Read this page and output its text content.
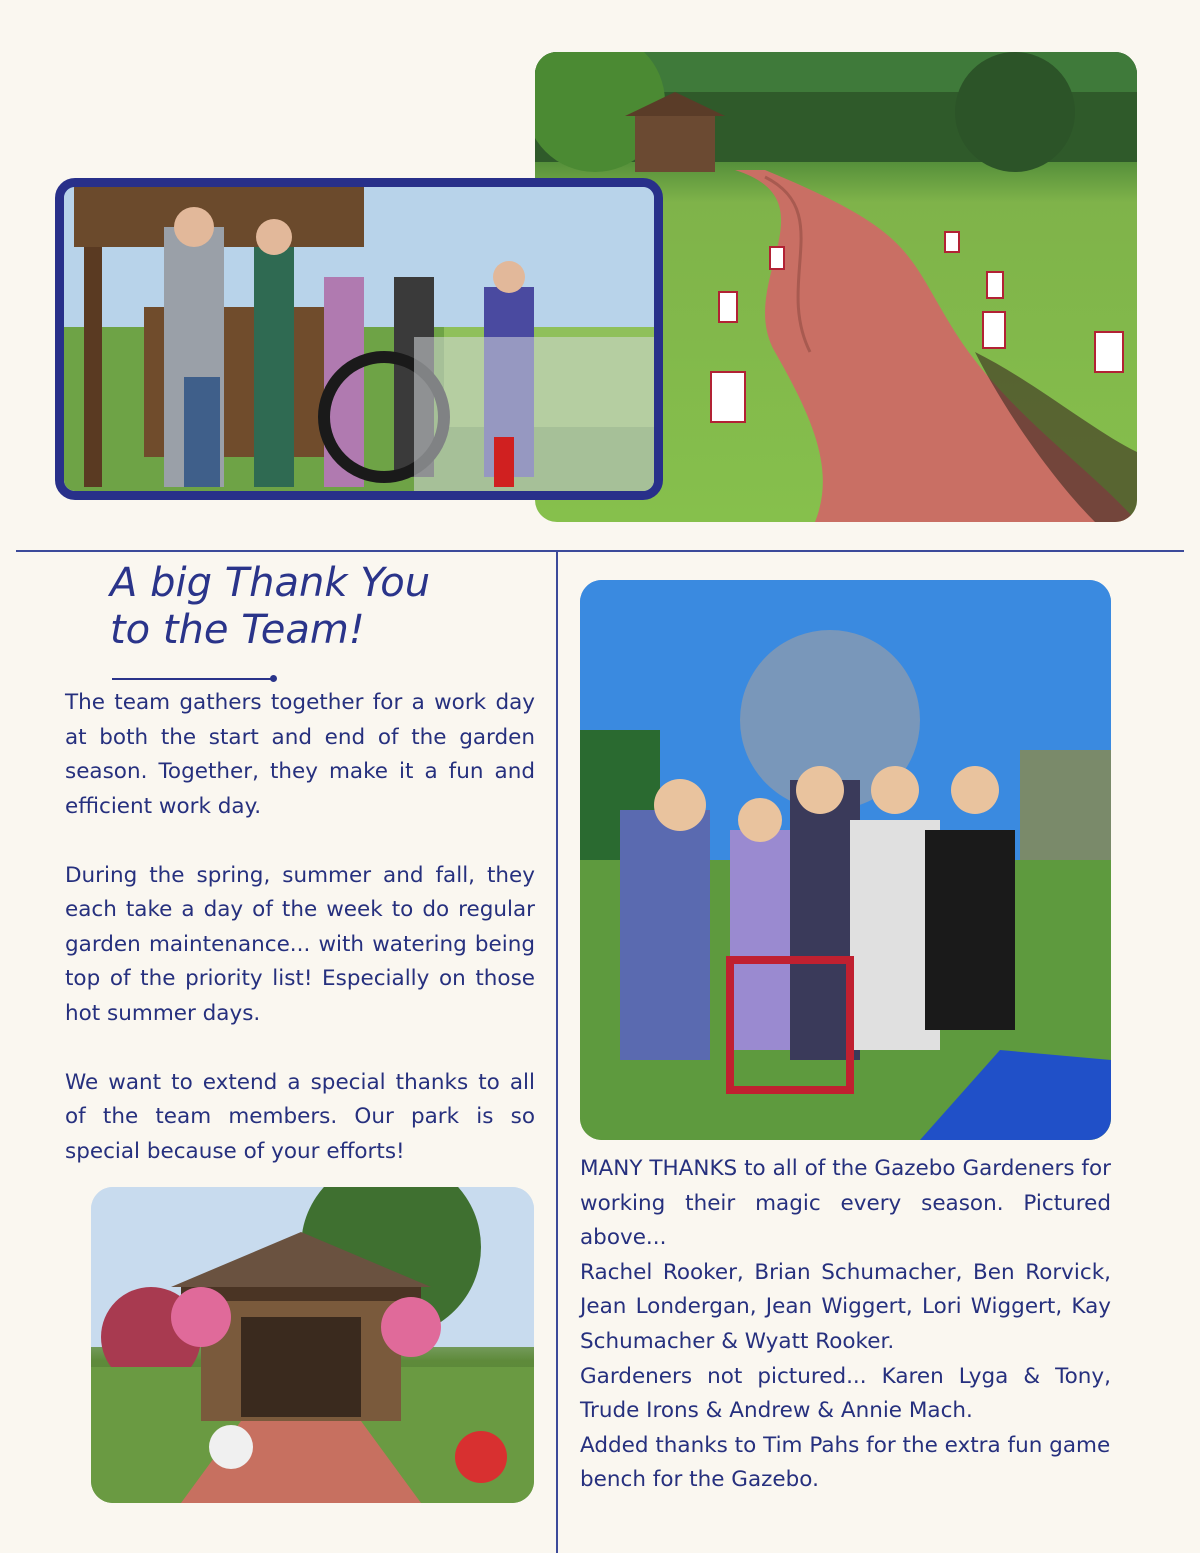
A big Thank You
to the Team!

The team gathers together for a work day at both the start and end of the garden season. Together, they make it a fun and efficient work day.

During the spring, summer and fall, they each take a day of the week to do regular garden maintenance... with watering being top of the priority list! Especially on those hot summer days.

We want to extend a special thanks to all of the team members. Our park is so special because of your efforts!

MANY THANKS to all of the Gazebo Gardeners for working their magic every season. Pictured above...

Rachel Rooker, Brian Schumacher, Ben Rorvick, Jean Londergan, Jean Wiggert, Lori Wiggert, Kay Schumacher & Wyatt Rooker.

Gardeners not pictured... Karen Lyga & Tony, Trude Irons & Andrew & Annie Mach.

Added thanks to Tim Pahs for the extra fun game bench for the Gazebo.
